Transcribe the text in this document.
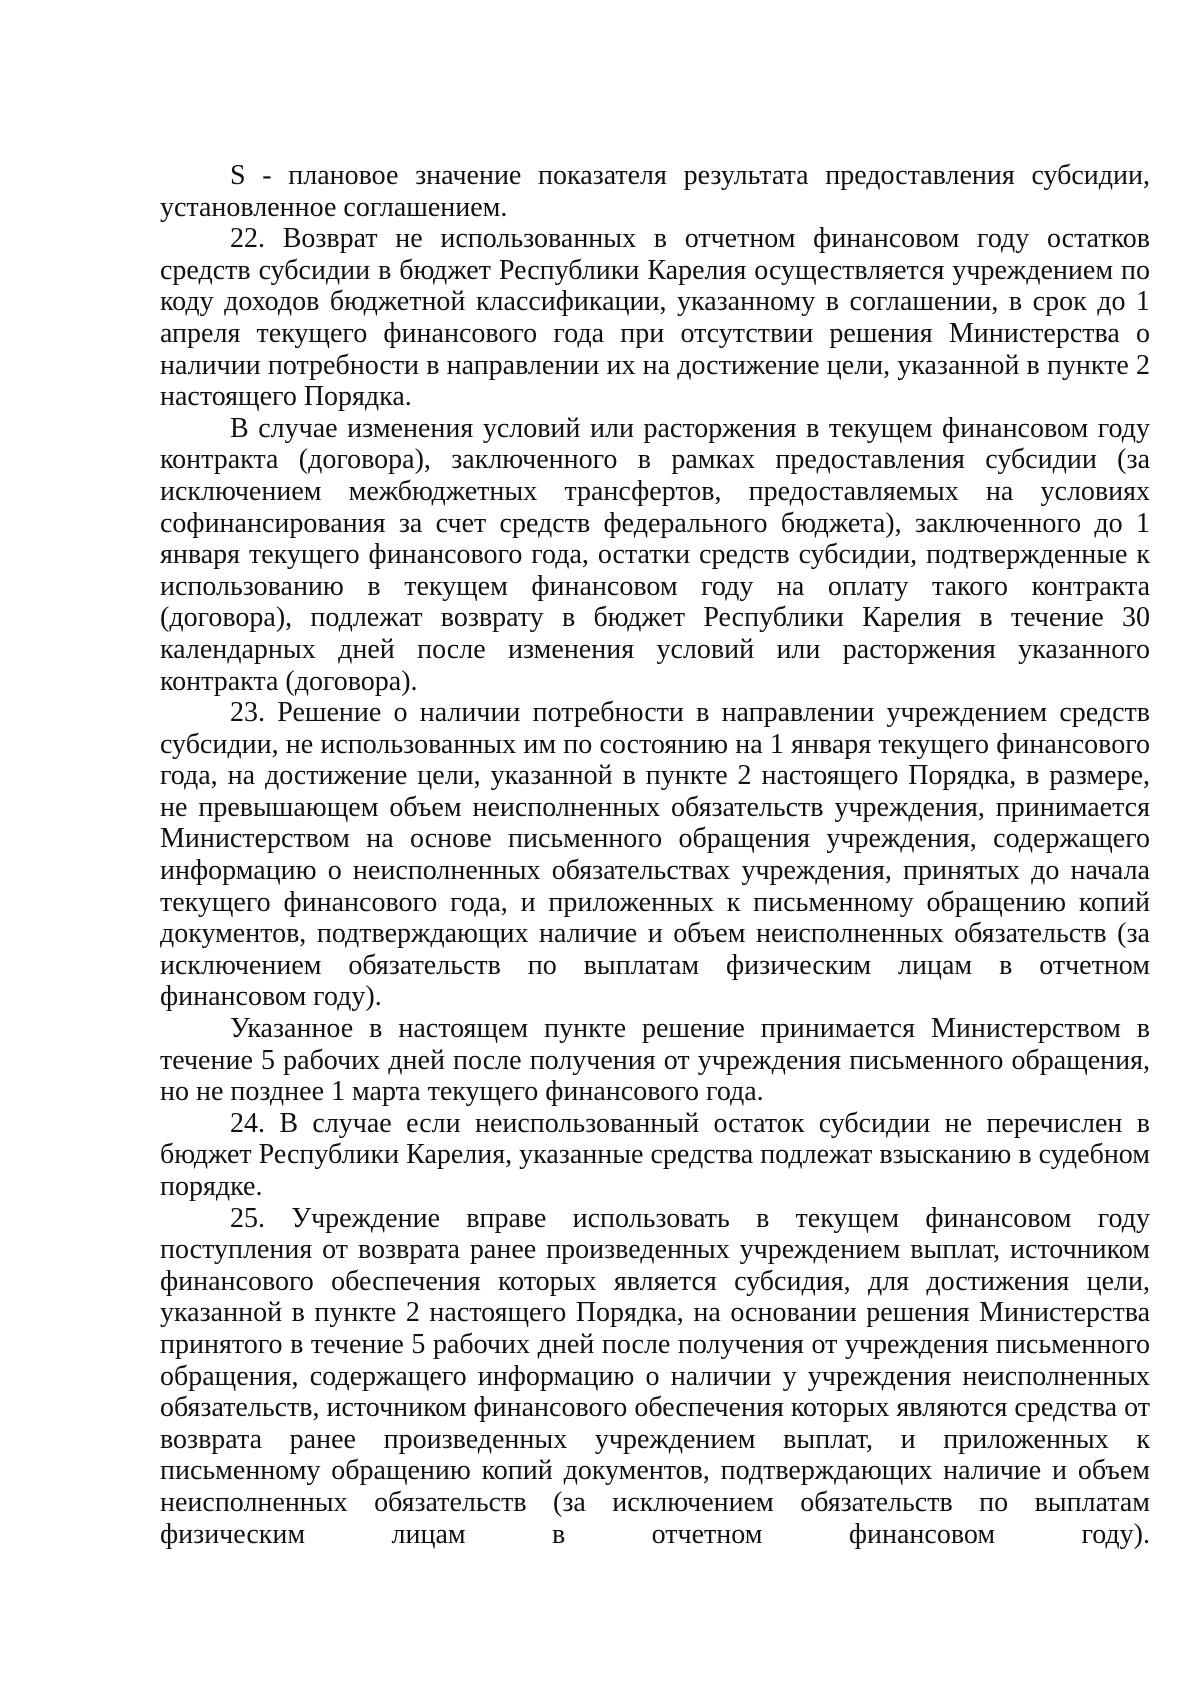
S - плановое значение показателя результата предоставления субсидии, установленное соглашением.

22. Возврат не использованных в отчетном финансовом году остатков средств субсидии в бюджет Республики Карелия осуществляется учреждением по коду доходов бюджетной классификации, указанному в соглашении, в срок до 1 апреля текущего финансового года при отсутствии решения Министерства о наличии потребности в направлении их на достижение цели, указанной в пункте 2 настоящего Порядка.

В случае изменения условий или расторжения в текущем финансовом году контракта (договора), заключенного в рамках предоставления субсидии (за исключением межбюджетных трансфертов, предоставляемых на условиях софинансирования за счет средств федерального бюджета), заключенного до 1 января текущего финансового года, остатки средств субсидии, подтвержденные к использованию в текущем финансовом году на оплату такого контракта (договора), подлежат возврату в бюджет Республики Карелия в течение 30 календарных дней после изменения условий или расторжения указанного контракта (договора).

23. Решение о наличии потребности в направлении учреждением средств субсидии, не использованных им по состоянию на 1 января текущего финансового года, на достижение цели, указанной в пункте 2 настоящего Порядка, в размере, не превышающем объем неисполненных обязательств учреждения, принимается Министерством на основе письменного обращения учреждения, содержащего информацию о неисполненных обязательствах учреждения, принятых до начала текущего финансового года, и приложенных к письменному обращению копий документов, подтверждающих наличие и объем неисполненных обязательств (за исключением обязательств по выплатам физическим лицам в отчетном финансовом году).

Указанное в настоящем пункте решение принимается Министерством в течение 5 рабочих дней после получения от учреждения письменного обращения, но не позднее 1 марта текущего финансового года.

24. В случае если неиспользованный остаток субсидии не перечислен в бюджет Республики Карелия, указанные средства подлежат взысканию в судебном порядке.

25. Учреждение вправе использовать в текущем финансовом году поступления от возврата ранее произведенных учреждением выплат, источником финансового обеспечения которых является субсидия, для достижения цели, указанной в пункте 2 настоящего Порядка, на основании решения Министерства принятого в течение 5 рабочих дней после получения от учреждения письменного обращения, содержащего информацию о наличии у учреждения неисполненных обязательств, источником финансового обеспечения которых являются средства от возврата ранее произведенных учреждением выплат, и приложенных к письменному обращению копий документов, подтверждающих наличие и объем неисполненных обязательств (за исключением обязательств по выплатам физическим лицам в отчетном финансовом году).
